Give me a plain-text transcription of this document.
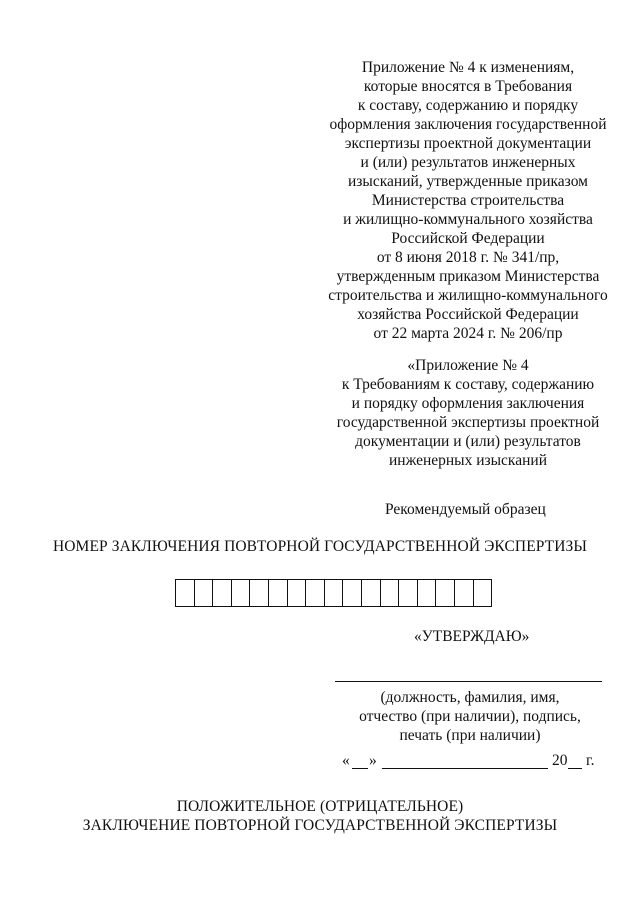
Приложение № 4 к изменениям,
которые вносятся в Требования
к составу, содержанию и порядку
оформления заключения государственной
экспертизы проектной документации
и (или) результатов инженерных
изысканий, утвержденные приказом
Министерства строительства
и жилищно-коммунального хозяйства
Российской Федерации
от 8 июня 2018 г. № 341/пр,
утвержденным приказом Министерства
строительства и жилищно-коммунального
хозяйства Российской Федерации
от 22 марта 2024 г. № 206/пр
«Приложение № 4
к Требованиям к составу, содержанию
и порядку оформления заключения
государственной экспертизы проектной
документации и (или) результатов
инженерных изысканий
Рекомендуемый образец
НОМЕР ЗАКЛЮЧЕНИЯ ПОВТОРНОЙ ГОСУДАРСТВЕННОЙ ЭКСПЕРТИЗЫ
«УТВЕРЖДАЮ»
(должность, фамилия, имя,
отчество (при наличии), подпись,
печать (при наличии)
« »	20 г.
ПОЛОЖИТЕЛЬНОЕ (ОТРИЦАТЕЛЬНОЕ)
ЗАКЛЮЧЕНИЕ ПОВТОРНОЙ ГОСУДАРСТВЕННОЙ ЭКСПЕРТИЗЫ
